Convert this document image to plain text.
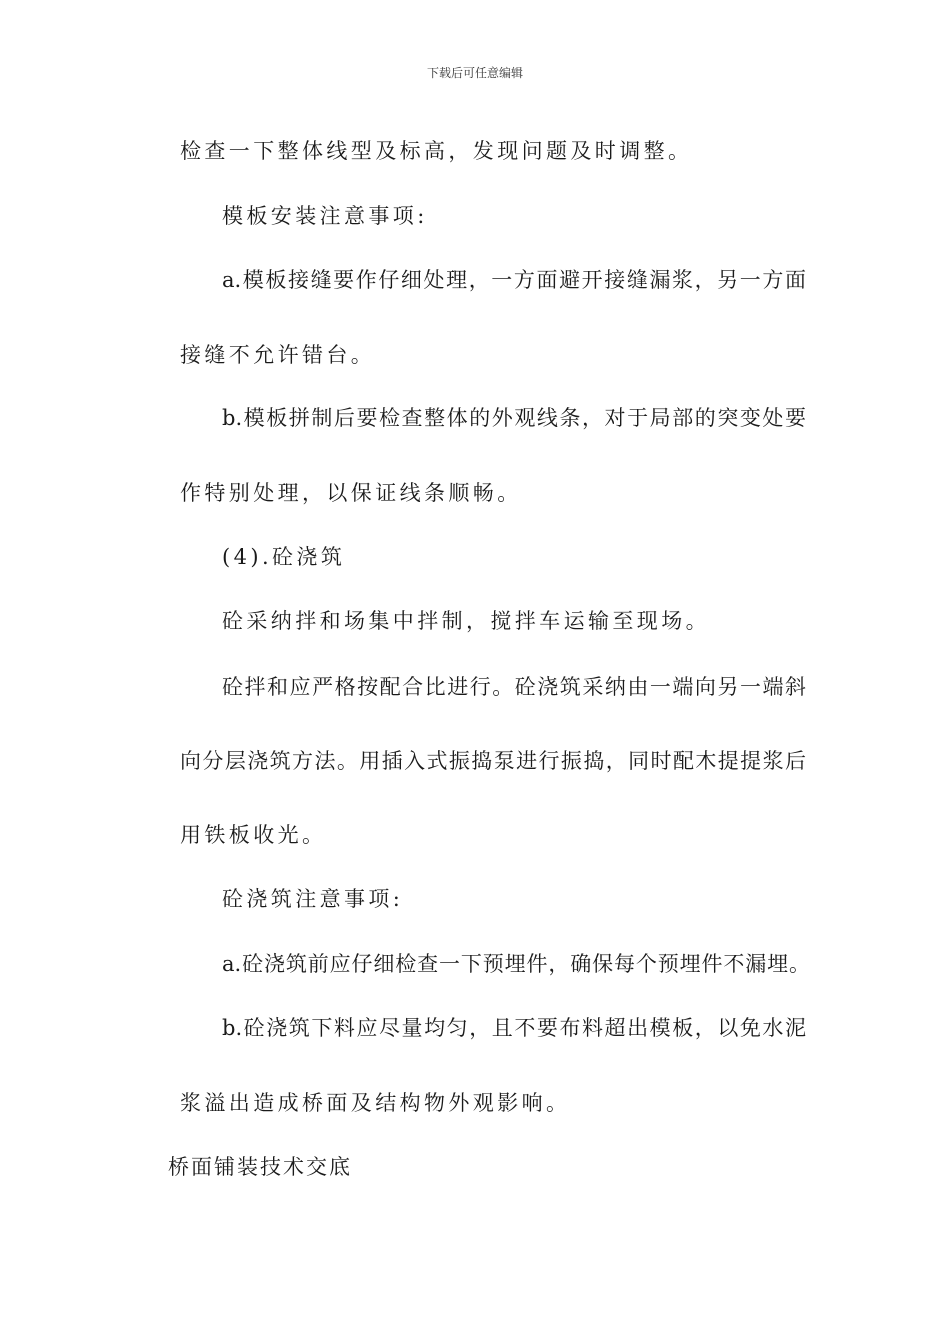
下载后可任意编辑
检查一下整体线型及标高，发现问题及时调整。
模板安装注意事项:
a.模板接缝要作仔细处理，一方面避开接缝漏浆，另一方面
接缝不允许错台。
b.模板拼制后要检查整体的外观线条，对于局部的突变处要
作特别处理，以保证线条顺畅。
(4).砼浇筑
砼采纳拌和场集中拌制，搅拌车运输至现场。
砼拌和应严格按配合比进行。砼浇筑采纳由一端向另一端斜
向分层浇筑方法。用插入式振捣泵进行振捣，同时配木提提浆后
用铁板收光。
砼浇筑注意事项:
a.砼浇筑前应仔细检查一下预埋件，确保每个预埋件不漏埋。
b.砼浇筑下料应尽量均匀，且不要布料超出模板，以免水泥
浆溢出造成桥面及结构物外观影响。
桥面铺装技术交底
